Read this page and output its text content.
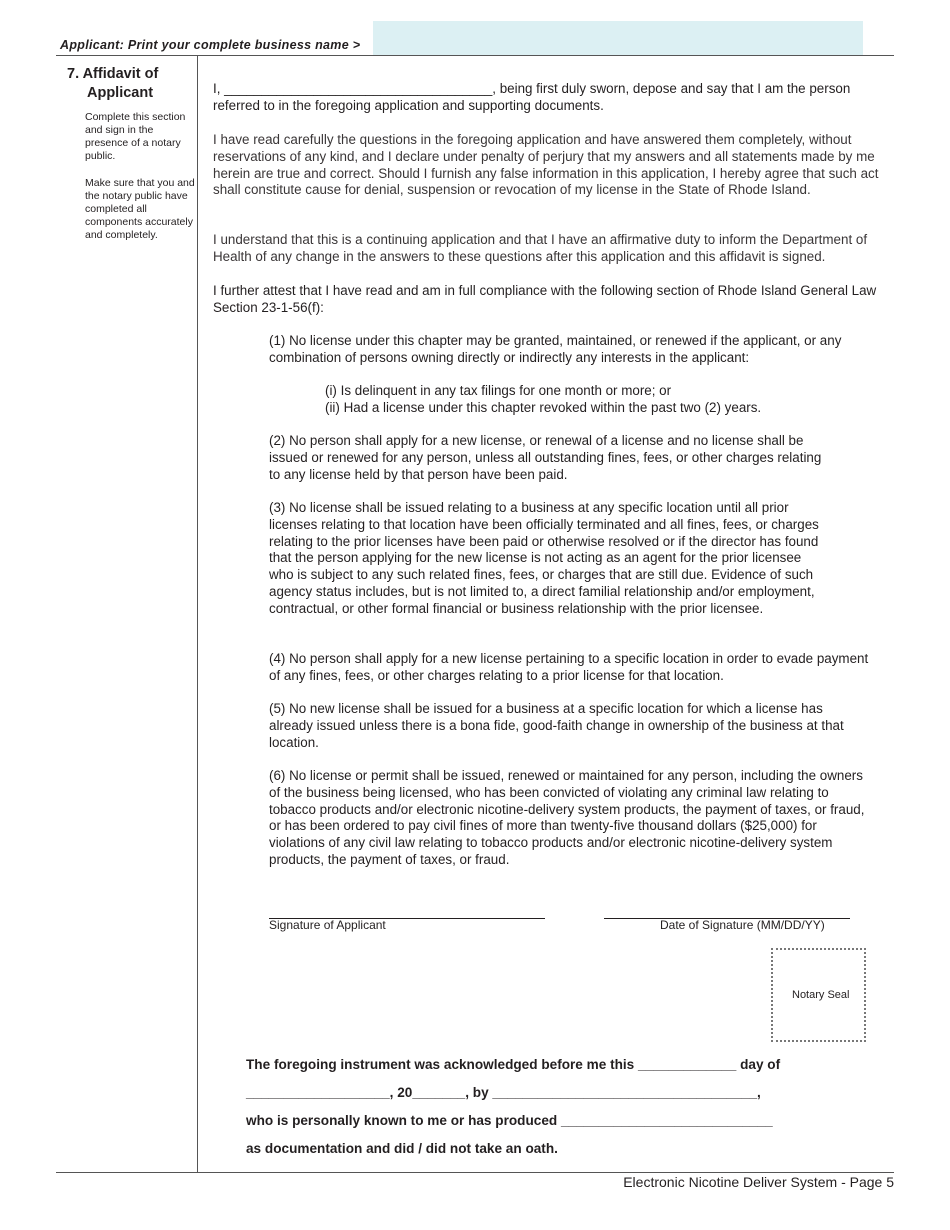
Applicant: Print your complete business name >
7. Affidavit of
Applicant
Complete this section and sign in the presence of a notary public.
Make sure that you and the notary public have completed all components accurately and completely.
I, ____________________________________, being first duly sworn, depose and say that I am the person referred to in the foregoing application and supporting documents.
I have read carefully the questions in the foregoing application and have answered them completely, without reservations of any kind, and I declare under penalty of perjury that my answers and all statements made by me herein are true and correct. Should I furnish any false information in this application, I hereby agree that such act shall constitute cause for denial, suspension or revocation of my license in the State of Rhode Island.
I understand that this is a continuing application and that I have an affirmative duty to inform the Department of Health of any change in the answers to these questions after this application and this affidavit is signed.
I further attest that I have read and am in full compliance with the following section of Rhode Island General Law Section 23-1-56(f):
(1) No license under this chapter may be granted, maintained, or renewed if the applicant, or any combination of persons owning directly or indirectly any interests in the applicant:
(i) Is delinquent in any tax filings for one month or more; or
(ii) Had a license under this chapter revoked within the past two (2) years.
(2) No person shall apply for a new license, or renewal of a license and no license shall be issued or renewed for any person, unless all outstanding fines, fees, or other charges relating to any license held by that person have been paid.
(3) No license shall be issued relating to a business at any specific location until all prior licenses relating to that location have been officially terminated and all fines, fees, or charges relating to the prior licenses have been paid or otherwise resolved or if the director has found that the person applying for the new license is not acting as an agent for the prior licensee who is subject to any such related fines, fees, or charges that are still due. Evidence of such agency status includes, but is not limited to, a direct familial relationship and/or employment, contractual, or other formal financial or business relationship with the prior licensee.
(4) No person shall apply for a new license pertaining to a specific location in order to evade payment of any fines, fees, or other charges relating to a prior license for that location.
(5) No new license shall be issued for a business at a specific location for which a license has already issued unless there is a bona fide, good-faith change in ownership of the business at that location.
(6) No license or permit shall be issued, renewed or maintained for any person, including the owners of the business being licensed, who has been convicted of violating any criminal law relating to tobacco products and/or electronic nicotine-delivery system products, the payment of taxes, or fraud, or has been ordered to pay civil fines of more than twenty-five thousand dollars ($25,000) for violations of any civil law relating to tobacco products and/or electronic nicotine-delivery system products, the payment of taxes, or fraud.
Signature of Applicant	Date of Signature (MM/DD/YY)
Notary Seal
The foregoing instrument was acknowledged before me this _____________ day of
___________________, 20_______, by ___________________________________,
who is personally known to me or has produced ____________________________
as documentation and did / did not take an oath.
Electronic Nicotine Deliver System - Page 5
